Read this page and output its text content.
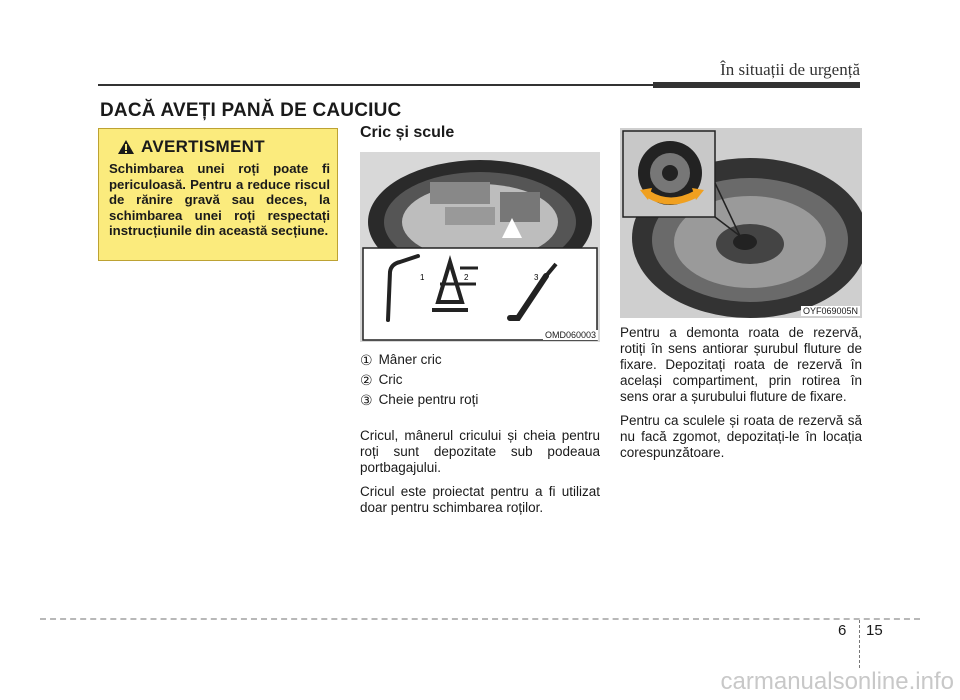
În situații de urgență
DACĂ AVEȚI PANĂ DE CAUCIUC
AVERTISMENT
Schimbarea unei roți poate fi periculoasă. Pentru a reduce riscul de rănire gravă sau deces, la schimbarea unei roți respectați instrucțiunile din această secțiune.
Cric și scule
1	2	3
OMD060003
① Mâner cric
② Cric
③ Cheie pentru roți

Cricul, mânerul cricului și cheia pentru roți sunt depozitate sub podeaua portbagajului.

Cricul este proiectat pentru a fi utilizat doar pentru schimbarea roților.

OYF069005N

Pentru a demonta roata de rezervă, rotiți în sens antiorar șurubul fluture de fixare. Depozitați roata de rezervă în același compartiment, prin rotirea în sens orar a șurubului fluture de fixare.

Pentru ca sculele și roata de rezervă să nu facă zgomot, depozitați-le în locația corespunzătoare.

6 15
carmanualsonline.info
